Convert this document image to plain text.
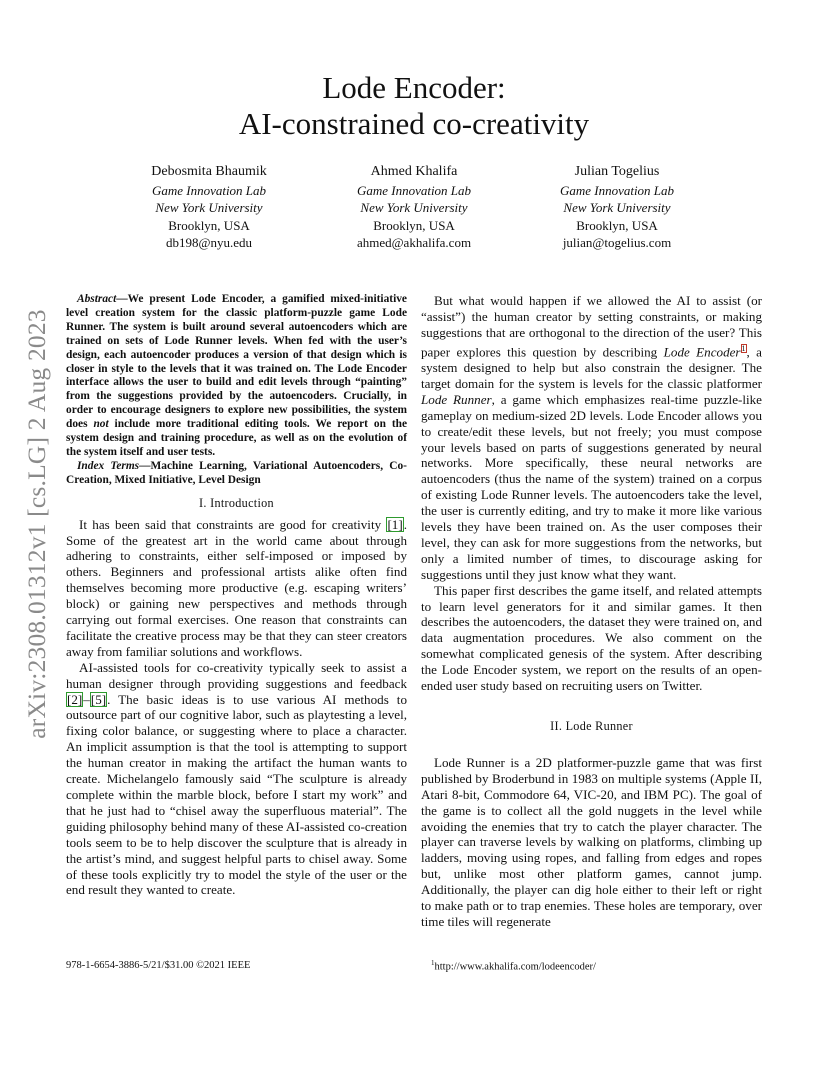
arXiv:2308.01312v1 [cs.LG] 2 Aug 2023
Lode Encoder:
AI-constrained co-creativity
Debosmita Bhaumik
Game Innovation Lab
New York University
Brooklyn, USA
db198@nyu.edu
Ahmed Khalifa
Game Innovation Lab
New York University
Brooklyn, USA
ahmed@akhalifa.com
Julian Togelius
Game Innovation Lab
New York University
Brooklyn, USA
julian@togelius.com

Abstract—We present Lode Encoder, a gamified mixed-initiative level creation system for the classic platform-puzzle game Lode Runner. The system is built around several autoencoders which are trained on sets of Lode Runner levels. When fed with the user’s design, each autoencoder produces a version of that design which is closer in style to the levels that it was trained on. The Lode Encoder interface allows the user to build and edit levels through “painting” from the suggestions provided by the autoencoders. Crucially, in order to encourage designers to explore new possibilities, the system does not include more traditional editing tools. We report on the system design and training procedure, as well as on the evolution of the system itself and user tests.

Index Terms—Machine Learning, Variational Autoencoders, Co-Creation, Mixed Initiative, Level Design

I. Introduction

It has been said that constraints are good for creativity [1]. Some of the greatest art in the world came about through adhering to constraints, either self-imposed or imposed by others. Beginners and professional artists alike often find themselves becoming more productive (e.g. escaping writers’ block) or gaining new perspectives and methods through carrying out formal exercises. One reason that constraints can facilitate the creative process may be that they can steer creators away from familiar solutions and workflows.

AI-assisted tools for co-creativity typically seek to assist a human designer through providing suggestions and feedback [2]–[5]. The basic ideas is to use various AI methods to outsource part of our cognitive labor, such as playtesting a level, fixing color balance, or suggesting where to place a character. An implicit assumption is that the tool is attempting to support the human creator in making the artifact the human wants to create. Michelangelo famously said “The sculpture is already complete within the marble block, before I start my work” and that he just had to “chisel away the superfluous material”. The guiding philosophy behind many of these AI-assisted co-creation tools seem to be to help discover the sculpture that is already in the artist’s mind, and suggest helpful parts to chisel away. Some of these tools explicitly try to model the style of the user or the end result they wanted to create.

But what would happen if we allowed the AI to assist (or “assist”) the human creator by setting constraints, or making suggestions that are orthogonal to the direction of the user? This paper explores this question by describing Lode Encoder$^1$, a system designed to help but also constrain the designer. The target domain for the system is levels for the classic platformer Lode Runner, a game which emphasizes real-time puzzle-like gameplay on medium-sized 2D levels. Lode Encoder allows you to create/edit these levels, but not freely; you must compose your levels based on parts of suggestions generated by neural networks. More specifically, these neural networks are autoencoders (thus the name of the system) trained on a corpus of existing Lode Runner levels. The autoencoders take the level, the user is currently editing, and try to make it more like various levels they have been trained on. As the user composes their level, they can ask for more suggestions from the networks, but only a limited number of times, to discourage asking for suggestions until they just know what they want.

This paper first describes the game itself, and related attempts to learn level generators for it and similar games. It then describes the autoencoders, the dataset they were trained on, and data augmentation procedures. We also comment on the somewhat complicated genesis of the system. After describing the Lode Encoder system, we report on the results of an open-ended user study based on recruiting users on Twitter.

II. Lode Runner

Lode Runner is a 2D platformer-puzzle game that was first published by Broderbund in 1983 on multiple systems (Apple II, Atari 8-bit, Commodore 64, VIC-20, and IBM PC). The goal of the game is to collect all the gold nuggets in the level while avoiding the enemies that try to catch the player character. The player can traverse levels by walking on platforms, climbing up ladders, moving using ropes, and falling from edges and ropes but, unlike most other platform games, cannot jump. Additionally, the player can dig hole either to their left or right to make path or to trap enemies. These holes are temporary, over time tiles will regenerate

978-1-6654-3886-5/21/$31.00 ©2021 IEEE	$^1$http://www.akhalifa.com/lodeencoder/
